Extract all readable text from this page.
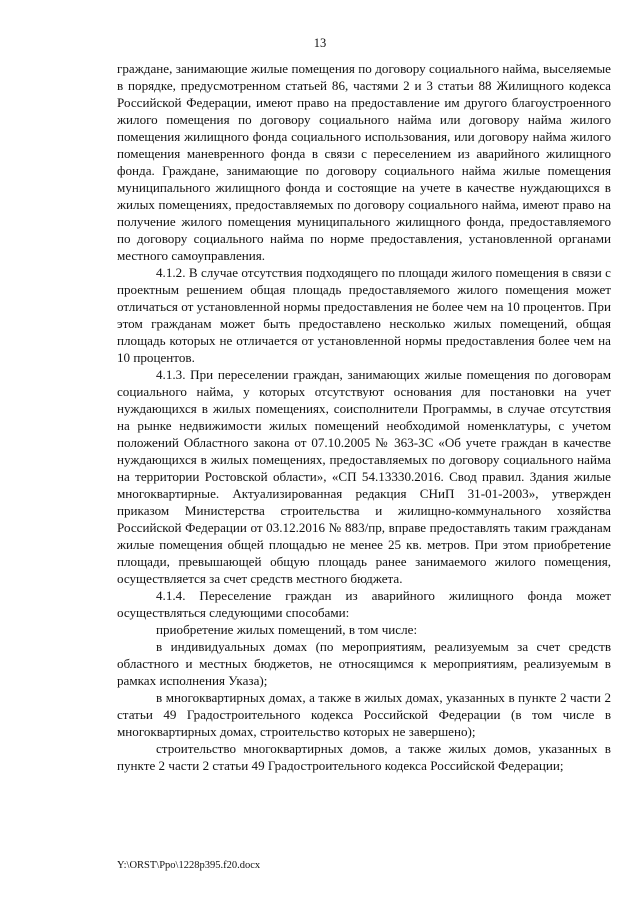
13

граждане, занимающие жилые помещения по договору социального найма, выселяемые в порядке, предусмотренном статьей 86, частями 2 и 3 статьи 88 Жилищного кодекса Российской Федерации, имеют право на предоставление им другого благоустроенного жилого помещения по договору социального найма или договору найма жилого помещения жилищного фонда социального использования, или договору найма жилого помещения маневренного фонда в связи с переселением из аварийного жилищного фонда. Граждане, занимающие по договору социального найма жилые помещения муниципального жилищного фонда и состоящие на учете в качестве нуждающихся в жилых помещениях, предоставляемых по договору социального найма, имеют право на получение жилого помещения муниципального жилищного фонда, предоставляемого по договору социального найма по норме предоставления, установленной органами местного самоуправления.

4.1.2. В случае отсутствия подходящего по площади жилого помещения в связи с проектным решением общая площадь предоставляемого жилого помещения может отличаться от установленной нормы предоставления не более чем на 10 процентов. При этом гражданам может быть предоставлено несколько жилых помещений, общая площадь которых не отличается от установленной нормы предоставления более чем на 10 процентов.

4.1.3. При переселении граждан, занимающих жилые помещения по договорам социального найма, у которых отсутствуют основания для постановки на учет нуждающихся в жилых помещениях, соисполнители Программы, в случае отсутствия на рынке недвижимости жилых помещений необходимой номенклатуры, с учетом положений Областного закона от 07.10.2005 № 363-ЗС «Об учете граждан в качестве нуждающихся в жилых помещениях, предоставляемых по договору социального найма на территории Ростовской области», «СП 54.13330.2016. Свод правил. Здания жилые многоквартирные. Актуализированная редакция СНиП 31-01-2003», утвержден приказом Министерства строительства и жилищно-коммунального хозяйства Российской Федерации от 03.12.2016 № 883/пр, вправе предоставлять таким гражданам жилые помещения общей площадью не менее 25 кв. метров. При этом приобретение площади, превышающей общую площадь ранее занимаемого жилого помещения, осуществляется за счет средств местного бюджета.

4.1.4. Переселение граждан из аварийного жилищного фонда может осуществляться следующими способами:

приобретение жилых помещений, в том числе:

в индивидуальных домах (по мероприятиям, реализуемым за счет средств областного и местных бюджетов, не относящимся к мероприятиям, реализуемым в рамках исполнения Указа);

в многоквартирных домах, а также в жилых домах, указанных в пункте 2 части 2 статьи 49 Градостроительного кодекса Российской Федерации (в том числе в многоквартирных домах, строительство которых не завершено);

строительство многоквартирных домов, а также жилых домов, указанных в пункте 2 части 2 статьи 49 Градостроительного кодекса Российской Федерации;

Y:\ORST\Ppo\1228p395.f20.docx
